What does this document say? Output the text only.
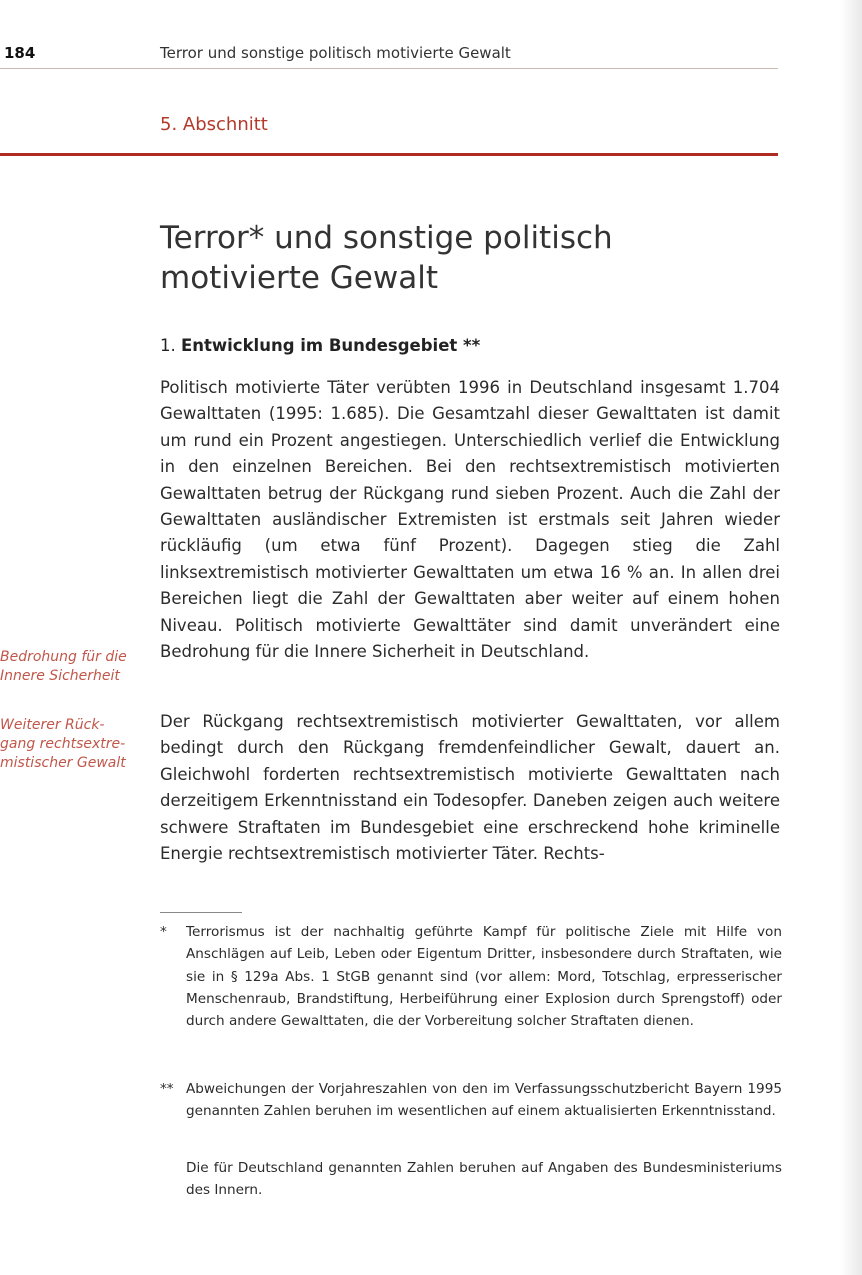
184	Terror und sonstige politisch motivierte Gewalt
5. Abschnitt
Terror* und sonstige politisch motivierte Gewalt
1. Entwicklung im Bundesgebiet **

Politisch motivierte Täter verübten 1996 in Deutschland insgesamt 1.704 Gewalttaten (1995: 1.685). Die Gesamtzahl dieser Gewalttaten ist damit um rund ein Prozent angestiegen. Unterschiedlich verlief die Entwicklung in den einzelnen Bereichen. Bei den rechtsextremistisch motivierten Gewalttaten betrug der Rückgang rund sieben Prozent. Auch die Zahl der Gewalttaten ausländischer Extremisten ist erstmals seit Jahren wieder rückläufig (um etwa fünf Prozent). Dagegen stieg die Zahl linksextremistisch motivierter Gewalttaten um etwa 16 % an. In allen drei Bereichen liegt die Zahl der Gewalttaten aber weiter auf einem hohen Niveau. Politisch motivierte Gewalttäter sind damit unverändert eine Bedrohung für die Innere Sicherheit in Deutschland.

Der Rückgang rechtsextremistisch motivierter Gewalttaten, vor allem bedingt durch den Rückgang fremdenfeindlicher Gewalt, dauert an. Gleichwohl forderten rechtsextremistisch motivierte Gewalttaten nach derzeitigem Erkenntnisstand ein Todesopfer. Daneben zeigen auch weitere schwere Straftaten im Bundesgebiet eine erschreckend hohe kriminelle Energie rechtsextremistisch motivierter Täter. Rechts-

Bedrohung für die
Innere Sicherheit
Weiterer Rück-
gang rechtsextre-
mistischer Gewalt
*	Terrorismus ist der nachhaltig geführte Kampf für politische Ziele mit Hilfe von Anschlägen auf Leib, Leben oder Eigentum Dritter, insbesondere durch Straftaten, wie sie in § 129a Abs. 1 StGB genannt sind (vor allem: Mord, Totschlag, erpresserischer Menschenraub, Brandstiftung, Herbeiführung einer Explosion durch Sprengstoff) oder durch andere Gewalttaten, die der Vorbereitung solcher Straftaten dienen.
** Abweichungen der Vorjahreszahlen von den im Verfassungsschutzbericht Bayern 1995 genannten Zahlen beruhen im wesentlichen auf einem aktualisierten Erkenntnisstand.
Die für Deutschland genannten Zahlen beruhen auf Angaben des Bundesministeriums des Innern.
